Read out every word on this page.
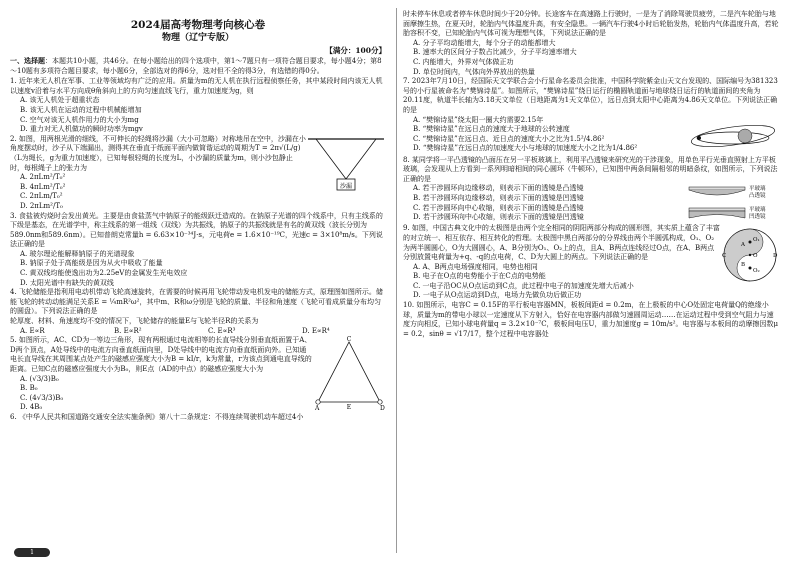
2024届高考物理考向核心卷
物理（辽宁专版）
【满分：100分】

一、选择题：本题共10小题，共46分。在每小题给出的四个选项中，第1～7题只有一项符合题目要求，每小题4分；第8～10题有多项符合题目要求，每小题6分，全部选对的得6分，选对但不全的得3分，有选错的得0分。

1. 近年来无人机在军事、工业等领域均有广泛的应用。质量为m的无人机在执行远程侦察任务，其中某段时间内该无人机以速度v沿着与水平方向成θ角斜向上的方向匀速直线飞行，重力加速度为g，则

A. 该无人机处于超重状态
B. 该无人机在运动的过程中机械能增加
C. 空气对该无人机作用力的大小为mg
D. 重力对无人机做功的瞬时功率为mgv

2. 如图，用两根光滑的细线，不可伸长的轻绳将沙漏（大小可忽略）对称地吊在空中，沙漏在小角度摆动时，沙子从下端漏出，测得其在垂直于纸面平面内做简谐运动的周期为T = 2π√(L/g)（L为绳长，g为重力加速度），已知每根轻绳的长度为L，小沙漏的质量为m，则小沙包静止时，每根绳子上的张力为

A. 2πLm²/T₀²
B. 4πLm²/T₀²
C. 2πLm/T₀²
D. 2πLm²/T₀
沙漏

3. 食盐被灼烧时会发出黄光。主要是由食盐蒸气中钠原子的能级跃迁造成的。在钠原子光谱的四个线系中，只有主线系的下级是基态，在光谱学中，称主线系的第一组线（双线）为共振线，钠原子的共振线就是有名的黄双线（波长分别为589.0nm和589.6nm）。已知普朗克常量h = 6.63×10⁻³⁴J·s，元电荷e = 1.6×10⁻¹⁹C，光速c = 3×10⁸m/s。下列说法正确的是

A. 玻尔理论能解释钠原子的光谱现象
B. 钠原子处于高能级是因为从火中吸收了能量
C. 黄双线均能使逸出功为2.25eV的金属发生光电效应
D. 太阳光谱中有缺失的黄双线

4. 飞轮储能是指利用电动机带动飞轮高速旋转，在需要的时候再用飞轮带动发电机发电的储能方式，原理图如图所示。储能飞轮的转动动能满足关系E = ¼mR²ω²，其中m、R和ω分别是飞轮的质量、半径和角速度（飞轮可看成质量分布均匀的圆盘）。下列说法正确的是

轮厚度、材料、角速度均不变的情况下，飞轮储存的能量E与飞轮半径R的关系为

A. E∝R	B. E∝R²	C. E∝R³	D. E∝R⁴

5. 如图所示，AC、CD为一等边三角形，现有两根通过电流相等的长直导线分别垂直纸面置于A、D两个顶点，A处导线中的电流方向垂直纸面向里，D处导线中的电流方向垂直纸面向外。已知通电长直导线在其周围某点处产生的磁感应强度大小为B = kI/r，k为常量，r为该点到通电直导线的距离。已知C点的磁感应强度大小为B₀，则E点（AD的中点）的磁感应强度大小为

A. (√3/3)B₀
B. B₀
C. (4√3/3)B₀
D. 4B₀
C
A	E	D

6. 《中华人民共和国道路交通安全法实施条例》第八十二条规定：不得连续驾驶机动车超过4小

时未停车休息或者停车休息时间少于20分钟。长途客车在高速路上行驶时，一是为了消除驾驶员疲劳，二是汽车轮胎与地面摩擦生热，在夏天时，轮胎内气体温度升高，有安全隐患。一辆汽车行驶4小时后轮胎发热，轮胎内气体温度升高，若轮胎容积不变，已知轮胎内气体可视为理想气体，下列说法正确的是

A. 分子平均动能增大，每个分子的动能都增大
B. 速率大的区间分子数占比减少，分子平均速率增大
C. 内能增大，外界对气体做正功
D. 单位时间内，气体向外界放出的热量

7. 2023年7月10日，经国际天文学联合会小行星命名委员会批准，中国科学院紫金山天文台发现的、国际编号为381323号的小行星被命名为“樊锦诗星”。如图所示，“樊锦诗星”绕日运行的椭圆轨道面与地球绕日运行的轨道面间的夹角为20.11度，轨道半长轴为3.18天文单位（日地距离为1天文单位），远日点到太阳中心距离为4.86天文单位。下列说法正确的是

A. “樊锦诗星”绕太阳一圈大约需要2.15年
B. “樊锦诗星”在远日点的速度大于地球的公转速度
C. “樊锦诗星”在远日点、近日点的速度大小之比为1.5²/4.86²
D. “樊锦诗星”在远日点的加速度大小与地球的加速度大小之比为1/4.86²

8. 某同学将一平凸透镜的凸面压在另一平板玻璃上，利用平凸透镜来研究光的干涉现象，用单色平行光垂直照射上方平板玻璃，会发现从上方看到一系列明暗相间的同心圆环（牛顿环），已知图中两条间隔相邻的明暗条纹，如图所示，下列说法正确的是

A. 若干涉圆环向边缘移动，则表示下面的透镜是凸透镜
B. 若干涉圆环向边缘移动，则表示下面的透镜是凹透镜
C. 若干涉圆环向中心收缩，则表示下面的透镜是凸透镜
D. 若干涉圆环向中心收缩，则表示下面的透镜是凹透镜
平玻璃
凸透镜
平玻璃
凹透镜

9. 如图，中国古典文化中的太极图是由两个完全相同的阴阳两部分构成的圆形图，其实质上蕴含了丰富的对立统一、相互依存、相互转化的哲理。太极图中黑白两部分的分界线由两个半圆弧构成，O₁、O₂为两半圆圆心，O为大圆圆心，A、B分别为O₁、O₂上的点，且A、B两点连线经过O点，在A、B两点分别放置电荷量为+q、-q的点电荷，C、D为大圆上的两点。下列说法正确的是

A. A、B两点电场强度相同，电势也相同
B. 电子在O点的电势能小于在C点的电势能
C. 一电子沿OC从O点运动到C点，此过程中电子的加速度先增大后减小
D. 一电子从O点运动到D点，电场力先做负功后做正功
O₁
O₂
O
A
B
C	D

10. 如图所示，电容C = 0.15F的平行板电容器MN，板板间距d = 0.2m，在上极板的中心O处固定电荷量Q的绝缘小球，质量为m的带电小球以一定速度从下方射入，恰好在电容器内部做匀速圆周运动……在运动过程中受到空气阻力与速度方向相反，已知小球电荷量q = 3.2×10⁻⁷C，极板间电压U，重力加速度g = 10m/s²。电容器与本板间的动摩擦因数μ = 0.2，sinθ = √17/17，整个过程中电容器处

1
